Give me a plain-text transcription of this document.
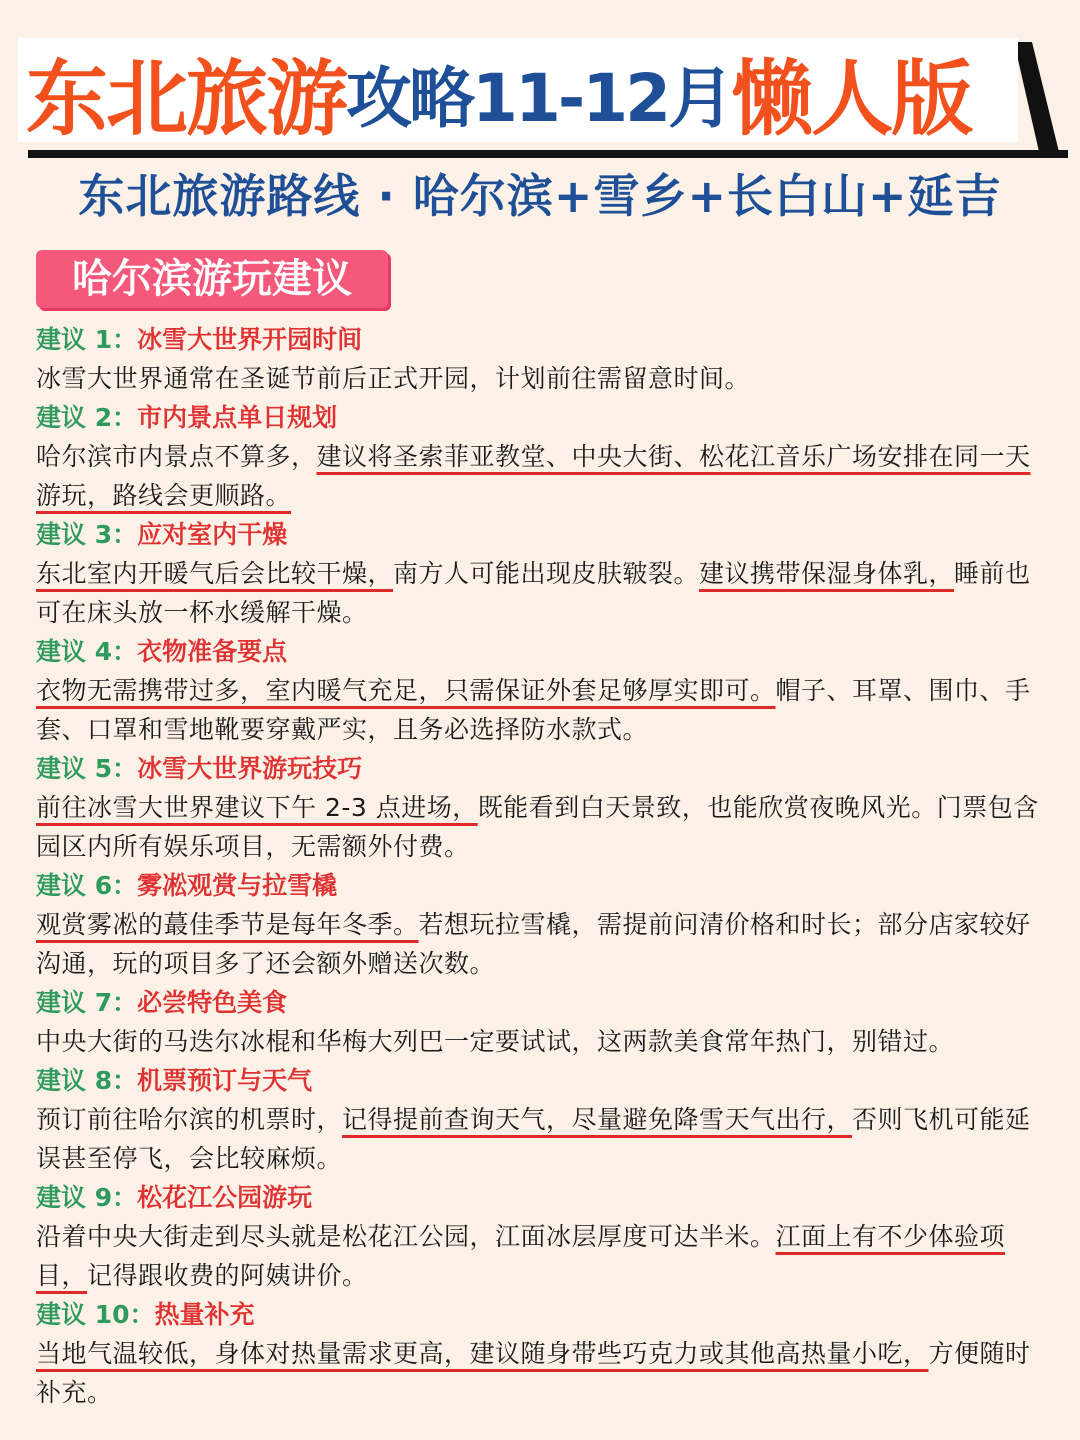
东北旅游 攻略11-12月 懒人版
东北旅游路线 · 哈尔滨+雪乡+长白山+延吉
哈尔滨游玩建议
建议 1：冰雪大世界开园时间
冰雪大世界通常在圣诞节前后正式开园，计划前往需留意时间。
建议 2：市内景点单日规划
哈尔滨市内景点不算多，建议将圣索菲亚教堂、中央大街、松花江音乐广场安排在同一天游玩，路线会更顺路。
建议 3：应对室内干燥
东北室内开暖气后会比较干燥，南方人可能出现皮肤皲裂。建议携带保湿身体乳，睡前也可在床头放一杯水缓解干燥。
建议 4：衣物准备要点
衣物无需携带过多，室内暖气充足，只需保证外套足够厚实即可。帽子、耳罩、围巾、手套、口罩和雪地靴要穿戴严实，且务必选择防水款式。
建议 5：冰雪大世界游玩技巧
前往冰雪大世界建议下午 2-3 点进场，既能看到白天景致，也能欣赏夜晚风光。门票包含园区内所有娱乐项目，无需额外付费。
建议 6：雾凇观赏与拉雪橇
观赏雾凇的蕞佳季节是每年冬季。若想玩拉雪橇，需提前问清价格和时长；部分店家较好沟通，玩的项目多了还会额外赠送次数。
建议 7：必尝特色美食
中央大街的马迭尔冰棍和华梅大列巴一定要试试，这两款美食常年热门，别错过。
建议 8：机票预订与天气
预订前往哈尔滨的机票时，记得提前查询天气，尽量避免降雪天气出行，否则飞机可能延误甚至停飞，会比较麻烦。
建议 9：松花江公园游玩
沿着中央大街走到尽头就是松花江公园，江面冰层厚度可达半米。江面上有不少体验项目，记得跟收费的阿姨讲价。
建议 10：热量补充
当地气温较低，身体对热量需求更高，建议随身带些巧克力或其他高热量小吃，方便随时补充。
